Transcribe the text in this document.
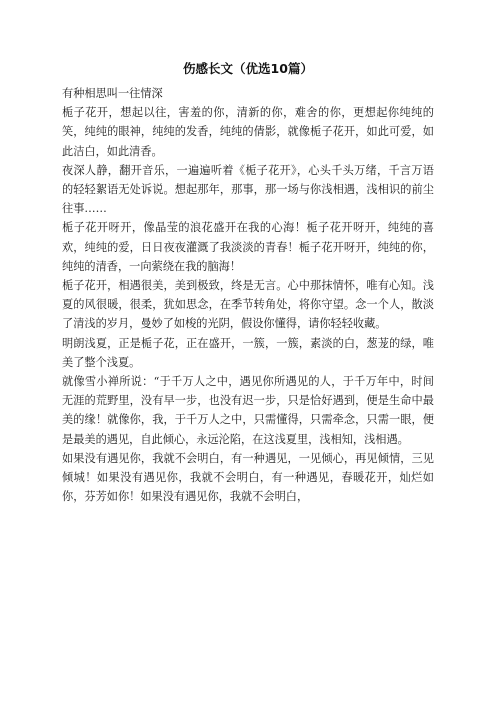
伤感长文（优选10篇）

有种相思叫一往情深

栀子花开，想起以往，害羞的你，清新的你，难舍的你，更想起你纯纯的笑，纯纯的眼神，纯纯的发香，纯纯的倩影，就像栀子花开，如此可爱，如此洁白，如此清香。

夜深人静，翻开音乐，一遍遍听着《栀子花开》，心头千头万绪，千言万语的轻轻絮语无处诉说。想起那年，那事，那一场与你浅相遇，浅相识的前尘往事……

栀子花开呀开，像晶莹的浪花盛开在我的心海！栀子花开呀开，纯纯的喜欢，纯纯的爱，日日夜夜灌溉了我淡淡的青春！栀子花开呀开，纯纯的你，纯纯的清香，一向萦绕在我的脑海！

栀子花开，相遇很美，美到极致，终是无言。心中那抹情怀，唯有心知。浅夏的风很暖，很柔，犹如思念，在季节转角处，将你守望。念一个人，散淡了清浅的岁月，曼妙了如梭的光阴，假设你懂得，请你轻轻收藏。

明朗浅夏，正是栀子花，正在盛开，一簇，一簇，素淡的白，葱茏的绿，唯美了整个浅夏。

就像雪小禅所说：“于千万人之中，遇见你所遇见的人，于千万年中，时间无涯的荒野里，没有早一步，也没有迟一步，只是恰好遇到，便是生命中最美的缘！就像你，我，于千万人之中，只需懂得，只需牵念，只需一眼，便是最美的遇见，自此倾心，永远沦陷，在这浅夏里，浅相知，浅相遇。

如果没有遇见你，我就不会明白，有一种遇见，一见倾心，再见倾情，三见倾城！如果没有遇见你，我就不会明白，有一种遇见，春暖花开，灿烂如你，芬芳如你！如果没有遇见你，我就不会明白，
